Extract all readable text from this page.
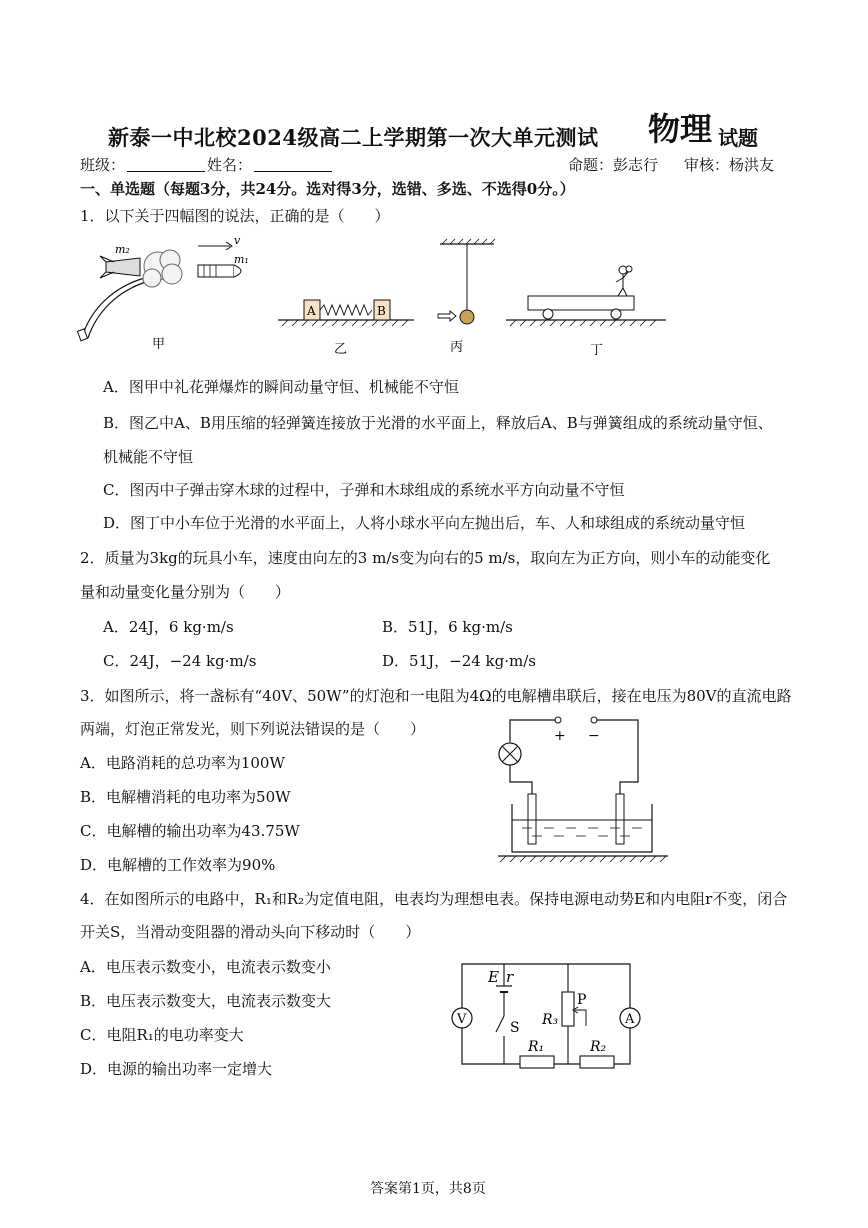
新泰一中北校2024级高二上学期第一次大单元测试 物理 试题
班级：	姓名：	命题：彭志行 审核：杨洪友
一、单选题（每题3分，共24分。选对得3分，选错、多选、不选得0分。）
1．以下关于四幅图的说法，正确的是（　　）
m₂
v
m₁
A	B
甲	乙	丙	丁
A．图甲中礼花弹爆炸的瞬间动量守恒、机械能不守恒
B．图乙中A、B用压缩的轻弹簧连接放于光滑的水平面上，释放后A、B与弹簧组成的系统动量守恒、
机械能不守恒
C．图丙中子弹击穿木球的过程中，子弹和木球组成的系统水平方向动量不守恒
D．图丁中小车位于光滑的水平面上，人将小球水平向左抛出后，车、人和球组成的系统动量守恒
2．质量为3kg的玩具小车，速度由向左的3 m/s变为向右的5 m/s，取向左为正方向，则小车的动能变化
量和动量变化量分别为（　　）
A．24J，6 kg·m/s	B．51J，6 kg·m/s
C．24J，−24 kg·m/s	D．51J，−24 kg·m/s
3．如图所示，将一盏标有“40V、50W”的灯泡和一电阻为4Ω的电解槽串联后，接在电压为80V的直流电路
两端，灯泡正常发光，则下列说法错误的是（　　）
A．电路消耗的总功率为100W
B．电解槽消耗的电功率为50W
C．电解槽的输出功率为43.75W
D．电解槽的工作效率为90%
+ −
4．在如图所示的电路中，R₁和R₂为定值电阻，电表均为理想电表。保持电源电动势E和内电阻r不变，闭合
开关S，当滑动变阻器的滑动头向下移动时（　　）
A．电压表示数变小，电流表示数变小
B．电压表示数变大，电流表示数变大
C．电阻R₁的电功率变大
D．电源的输出功率一定增大
V	A
E r
S
P
R₃
R₁	R₂
答案第1页，共8页
